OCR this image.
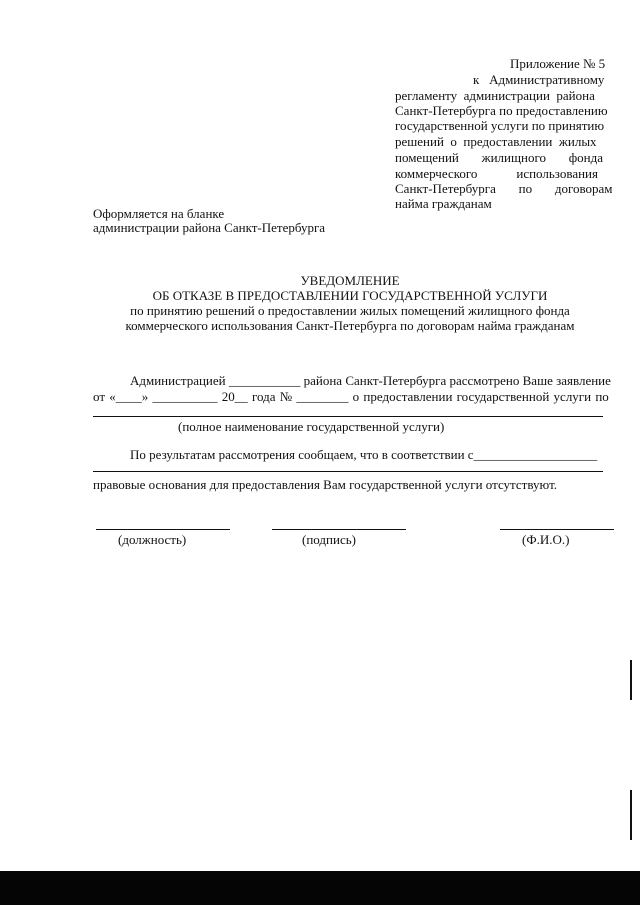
Приложение № 5
к   Административному
регламенту  администрации  района
Санкт-Петербурга по предоставлению
государственной услуги по принятию
решений  о  предоставлении  жилых
помещений       жилищного       фонда
коммерческого            использования
Санкт-Петербурга       по       договорам
найма гражданам
Оформляется на бланке
администрации района Санкт-Петербурга
УВЕДОМЛЕНИЕ
ОБ ОТКАЗЕ В ПРЕДОСТАВЛЕНИИ ГОСУДАРСТВЕННОЙ УСЛУГИ
по принятию решений о предоставлении жилых помещений жилищного фонда
коммерческого использования Санкт-Петербурга по договорам найма гражданам
Администрацией ___________ района Санкт-Петербурга рассмотрено Ваше заявление
от «____» __________ 20__ года № ________ о предоставлении государственной услуги по
(полное наименование государственной услуги)
По результатам рассмотрения сообщаем, что в соответствии с___________________
правовые основания для предоставления Вам государственной услуги отсутствуют.
(должность)	(подпись)	(Ф.И.О.)
